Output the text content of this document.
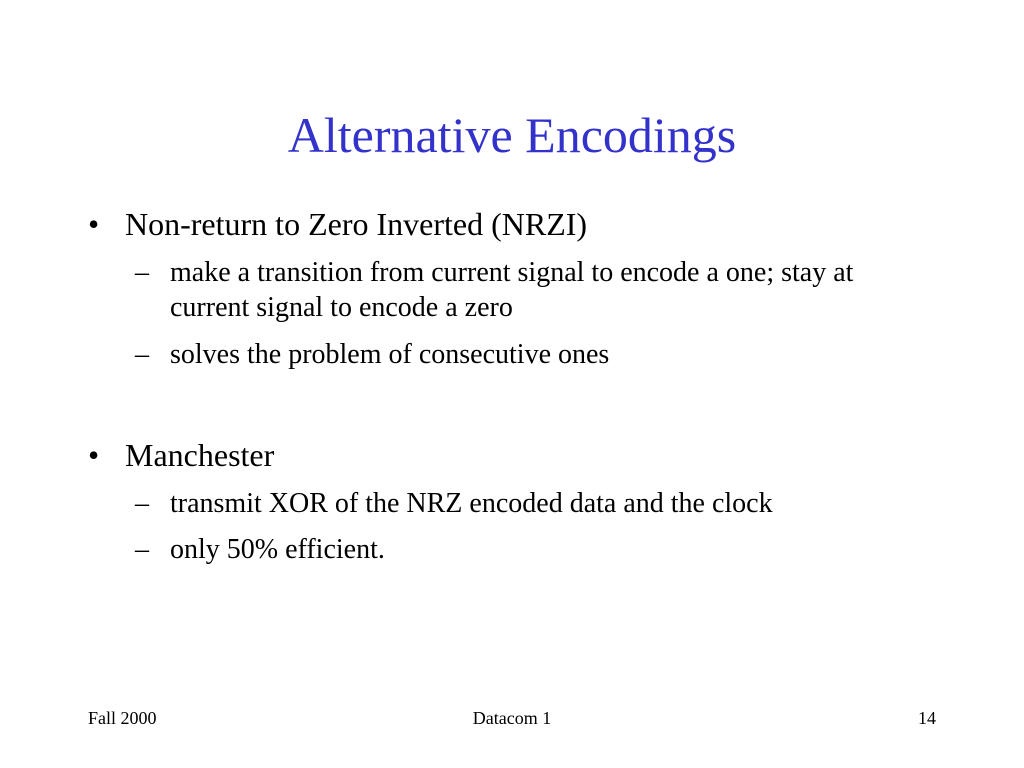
Alternative Encodings
• Non-return to Zero Inverted (NRZI)
– make a transition from current signal to encode a one; stay at current signal to encode a zero
– solves the problem of consecutive ones
• Manchester
– transmit XOR of the NRZ encoded data and the clock
– only 50% efficient.
Fall 2000	Datacom 1	14
